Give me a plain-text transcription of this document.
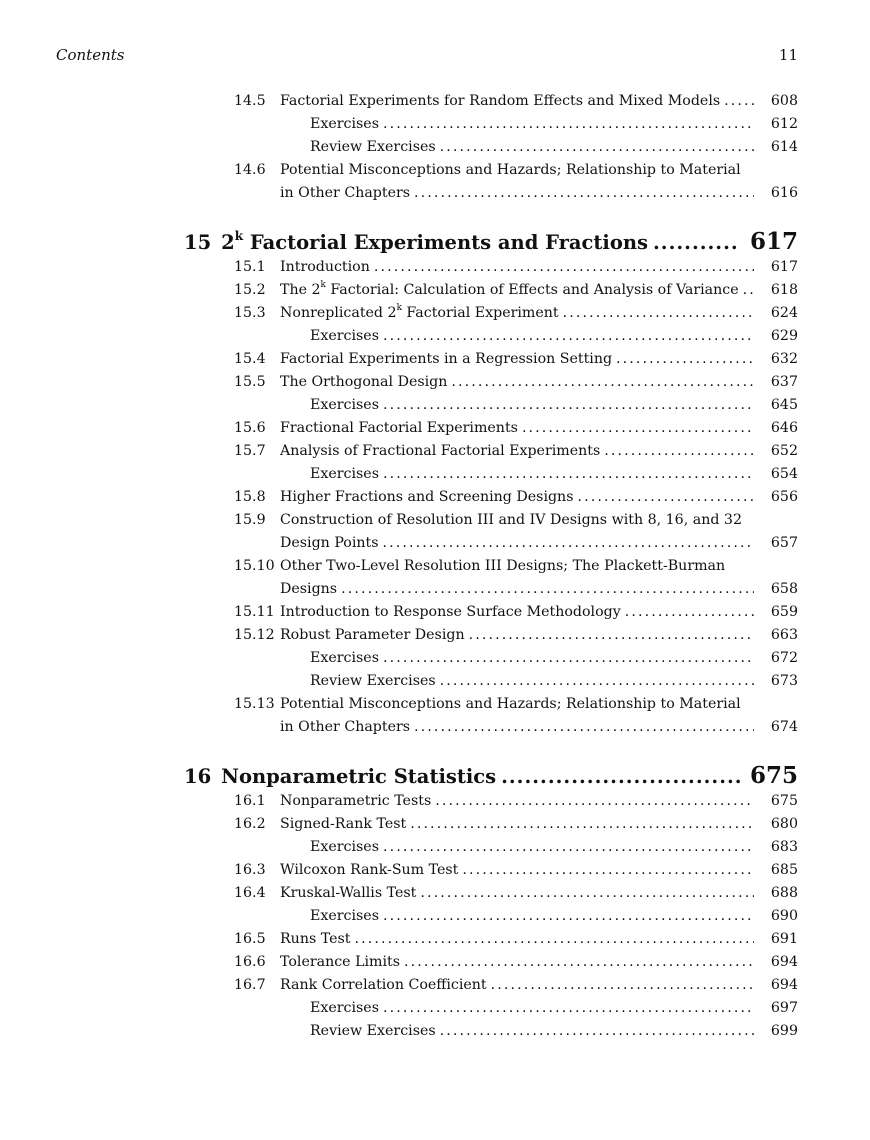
Contents	11
14.5	Factorial Experiments for Random Effects and Mixed Models . . .	608
Exercises . . .	612
Review Exercises . . .	614
14.6	Potential Misconceptions and Hazards; Relationship to Material
in Other Chapters . . .	616
15 2$^k$ Factorial Experiments and Fractions .....	617
15.1	Introduction . . .	617
15.2	The 2$^k$ Factorial: Calculation of Effects and Analysis of Variance . . .	618
15.3	Nonreplicated 2$^k$ Factorial Experiment . . .	624
Exercises . . .	629
15.4	Factorial Experiments in a Regression Setting . . .	632
15.5	The Orthogonal Design . . .	637
Exercises . . .	645
15.6	Fractional Factorial Experiments . . .	646
15.7	Analysis of Fractional Factorial Experiments . . .	652
Exercises . . .	654
15.8	Higher Fractions and Screening Designs . . .	656
15.9	Construction of Resolution III and IV Designs with 8, 16, and 32
Design Points . . .	657
15.10 Other Two-Level Resolution III Designs; The Plackett-Burman
Designs . . .	658
15.11 Introduction to Response Surface Methodology . . .	659
15.12 Robust Parameter Design . . .	663
Exercises . . .	672
Review Exercises . . .	673
15.13 Potential Misconceptions and Hazards; Relationship to Material
in Other Chapters . . .	674
16 Nonparametric Statistics .....	675
16.1	Nonparametric Tests . . .	675
16.2	Signed-Rank Test . . .	680
Exercises . . .	683
16.3	Wilcoxon Rank-Sum Test . . .	685
16.4	Kruskal-Wallis Test . . .	688
Exercises . . .	690
16.5	Runs Test . . .	691
16.6	Tolerance Limits . . .	694
16.7	Rank Correlation Coefficient . . .	694
Exercises . . .	697
Review Exercises . . .	699
